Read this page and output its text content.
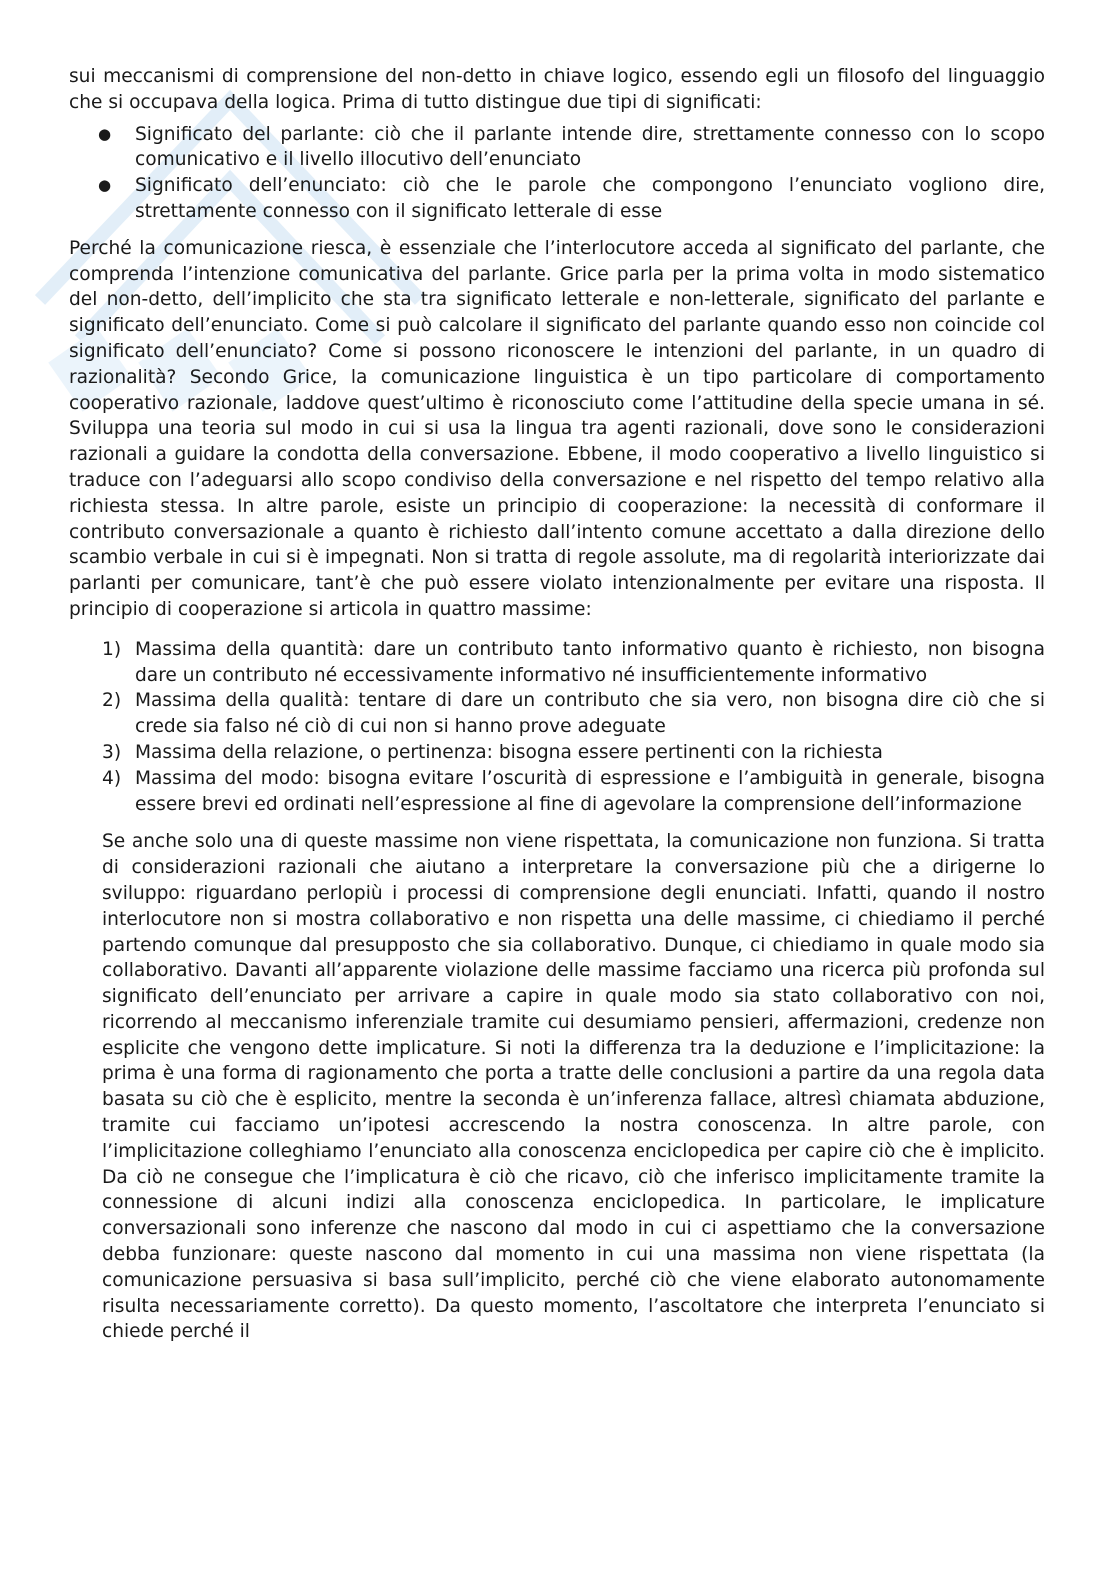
sui meccanismi di comprensione del non-detto in chiave logico, essendo egli un filosofo del linguaggio che si occupava della logica. Prima di tutto distingue due tipi di significati:

● Significato del parlante: ciò che il parlante intende dire, strettamente connesso con lo scopo comunicativo e il livello illocutivo dell’enunciato
● Significato dell’enunciato: ciò che le parole che compongono l’enunciato vogliono dire, strettamente connesso con il significato letterale di esse

Perché la comunicazione riesca, è essenziale che l’interlocutore acceda al significato del parlante, che comprenda l’intenzione comunicativa del parlante. Grice parla per la prima volta in modo sistematico del non-detto, dell’implicito che sta tra significato letterale e non-letterale, significato del parlante e significato dell’enunciato. Come si può calcolare il significato del parlante quando esso non coincide col significato dell’enunciato? Come si possono riconoscere le intenzioni del parlante, in un quadro di razionalità? Secondo Grice, la comunicazione linguistica è un tipo particolare di comportamento cooperativo razionale, laddove quest’ultimo è riconosciuto come l’attitudine della specie umana in sé. Sviluppa una teoria sul modo in cui si usa la lingua tra agenti razionali, dove sono le considerazioni razionali a guidare la condotta della conversazione. Ebbene, il modo cooperativo a livello linguistico si traduce con l’adeguarsi allo scopo condiviso della conversazione e nel rispetto del tempo relativo alla richiesta stessa. In altre parole, esiste un principio di cooperazione: la necessità di conformare il contributo conversazionale a quanto è richiesto dall’intento comune accettato a dalla direzione dello scambio verbale in cui si è impegnati. Non si tratta di regole assolute, ma di regolarità interiorizzate dai parlanti per comunicare, tant’è che può essere violato intenzionalmente per evitare una risposta. Il principio di cooperazione si articola in quattro massime:

1) Massima della quantità: dare un contributo tanto informativo quanto è richiesto, non bisogna dare un contributo né eccessivamente informativo né insufficientemente informativo
2) Massima della qualità: tentare di dare un contributo che sia vero, non bisogna dire ciò che si crede sia falso né ciò di cui non si hanno prove adeguate
3) Massima della relazione, o pertinenza: bisogna essere pertinenti con la richiesta
4) Massima del modo: bisogna evitare l’oscurità di espressione e l’ambiguità in generale, bisogna essere brevi ed ordinati nell’espressione al fine di agevolare la comprensione dell’informazione

Se anche solo una di queste massime non viene rispettata, la comunicazione non funziona. Si tratta di considerazioni razionali che aiutano a interpretare la conversazione più che a dirigerne lo sviluppo: riguardano perlopiù i processi di comprensione degli enunciati. Infatti, quando il nostro interlocutore non si mostra collaborativo e non rispetta una delle massime, ci chiediamo il perché partendo comunque dal presupposto che sia collaborativo. Dunque, ci chiediamo in quale modo sia collaborativo. Davanti all’apparente violazione delle massime facciamo una ricerca più profonda sul significato dell’enunciato per arrivare a capire in quale modo sia stato collaborativo con noi, ricorrendo al meccanismo inferenziale tramite cui desumiamo pensieri, affermazioni, credenze non esplicite che vengono dette implicature. Si noti la differenza tra la deduzione e l’implicitazione: la prima è una forma di ragionamento che porta a tratte delle conclusioni a partire da una regola data basata su ciò che è esplicito, mentre la seconda è un’inferenza fallace, altresì chiamata abduzione, tramite cui facciamo un’ipotesi accrescendo la nostra conoscenza. In altre parole, con l’implicitazione colleghiamo l’enunciato alla conoscenza enciclopedica per capire ciò che è implicito. Da ciò ne consegue che l’implicatura è ciò che ricavo, ciò che inferisco implicitamente tramite la connessione di alcuni indizi alla conoscenza enciclopedica. In particolare, le implicature conversazionali sono inferenze che nascono dal modo in cui ci aspettiamo che la conversazione debba funzionare: queste nascono dal momento in cui una massima non viene rispettata (la comunicazione persuasiva si basa sull’implicito, perché ciò che viene elaborato autonomamente risulta necessariamente corretto). Da questo momento, l’ascoltatore che interpreta l’enunciato si chiede perché il
